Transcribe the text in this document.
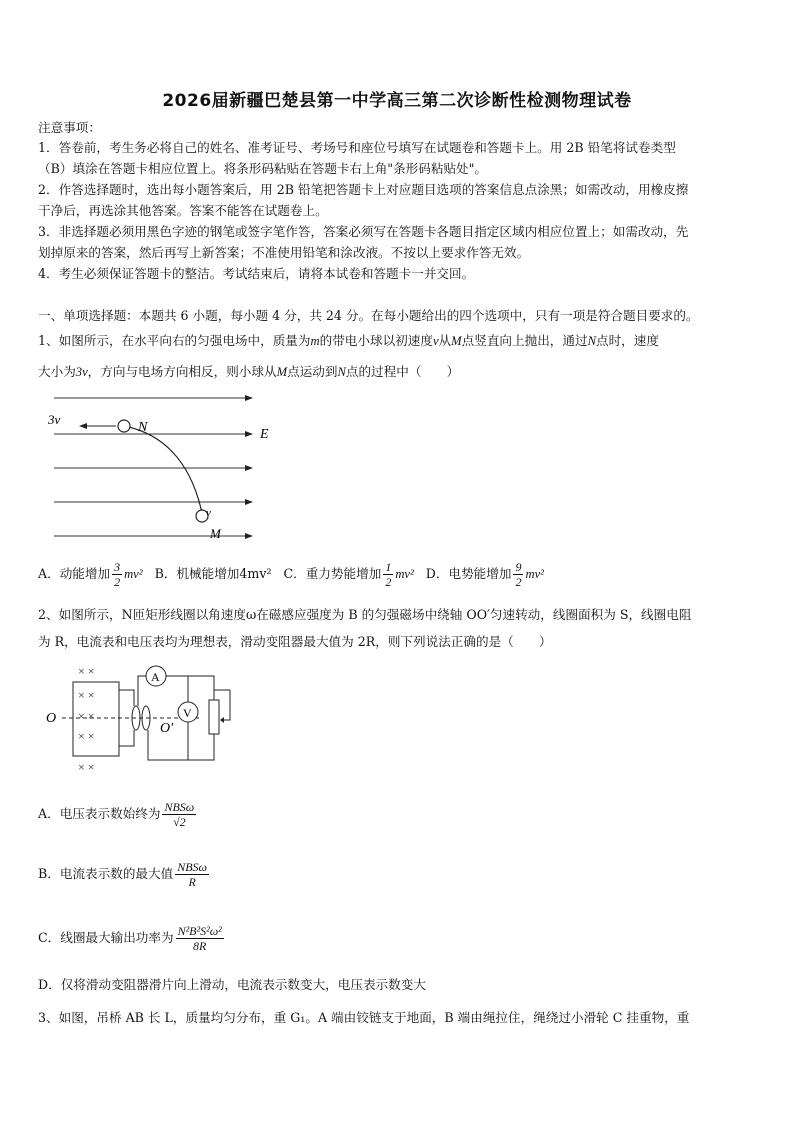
2026届新疆巴楚县第一中学高三第二次诊断性检测物理试卷
注意事项：
1．答卷前，考生务必将自己的姓名、准考证号、考场号和座位号填写在试题卷和答题卡上。用 2B 铅笔将试卷类型
（B）填涂在答题卡相应位置上。将条形码粘贴在答题卡右上角"条形码粘贴处"。
2．作答选择题时，选出每小题答案后，用 2B 铅笔把答题卡上对应题目选项的答案信息点涂黑；如需改动，用橡皮擦
干净后，再选涂其他答案。答案不能答在试题卷上。
3．非选择题必须用黑色字迹的钢笔或签字笔作答，答案必须写在答题卡各题目指定区域内相应位置上；如需改动，先
划掉原来的答案，然后再写上新答案；不准使用铅笔和涂改液。不按以上要求作答无效。
4．考生必须保证答题卡的整洁。考试结束后，请将本试卷和答题卡一并交回。
一、单项选择题：本题共 6 小题，每小题 4 分，共 24 分。在每小题给出的四个选项中，只有一项是符合题目要求的。
1、如图所示，在水平向右的匀强电场中，质量为m的带电小球以初速度v从M点竖直向上抛出，通过N点时，速度
大小为3v，方向与电场方向相反，则小球从M点运动到N点的过程中（　　）
3v
N	E
v
M
A．动能增加 $\frac{3}{2} mv^2$ B．机械能增加4mv² C．重力势能增加 $\frac{1}{2} mv^2$ D．电势能增加 $\frac{9}{2} mv^2$
2、如图所示，N匝矩形线圈以角速度ω在磁感应强度为 B 的匀强磁场中绕轴 OO′匀速转动，线圈面积为 S，线圈电阻
为 R，电流表和电压表均为理想表，滑动变阻器最大值为 2R，则下列说法正确的是（　　）
× ×
× ×
× ×
× ×
× ×
O
O′
A
V
A．电压表示数始终为 $\frac{\text{NBSω}}{√2}$
B．电流表示数的最大值 $\frac{\text{NBSω}}{R}$
C．线圈最大输出功率为 $\frac{\text{N²B²S²ω²}}{8R}$
D．仅将滑动变阻器滑片向上滑动，电流表示数变大，电压表示数变大
3、如图，吊桥 AB 长 L，质量均匀分布，重 G₁。A 端由铰链支于地面，B 端由绳拉住，绳绕过小滑轮 C 挂重物，重
